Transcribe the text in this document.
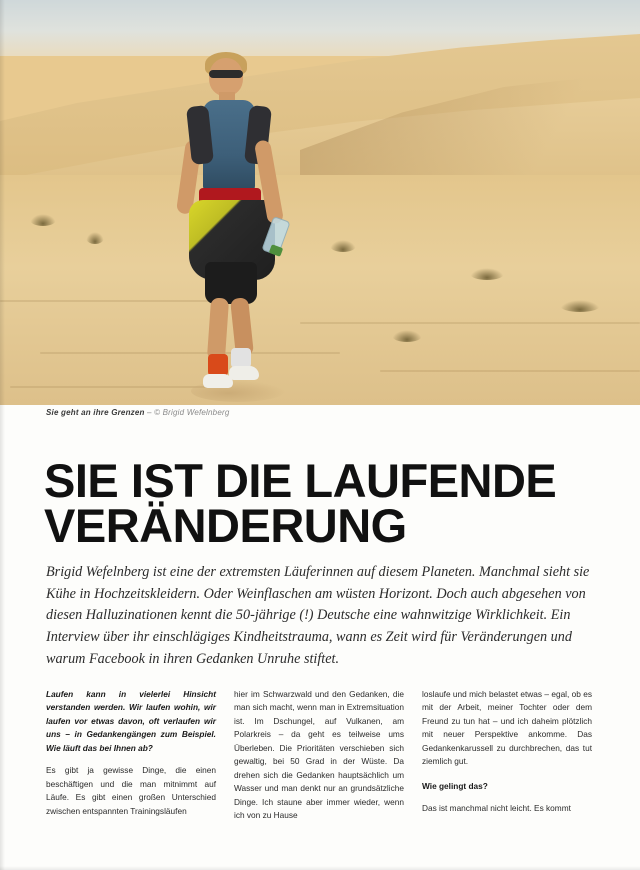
Sie geht an ihre Grenzen – © Brigid Wefelnberg
SIE IST DIE LAUFENDE
VERÄNDERUNG

Brigid Wefelnberg ist eine der extremsten Läuferinnen auf diesem Planeten. Manchmal sieht sie Kühe in Hochzeitskleidern. Oder Weinflaschen am wüsten Horizont. Doch auch abgesehen von diesen Halluzinationen kennt die 50-jährige (!) Deutsche eine wahnwitzige Wirklichkeit. Ein Interview über ihr einschlägiges Kindheitstrauma, wann es Zeit wird für Veränderungen und warum Facebook in ihren Gedanken Unruhe stiftet.

Laufen kann in vielerlei Hinsicht verstanden werden. Wir laufen wohin, wir laufen vor etwas davon, oft verlaufen wir uns – in Gedankengängen zum Beispiel. Wie läuft das bei Ihnen ab?
Es gibt ja gewisse Dinge, die einen beschäftigen und die man mitnimmt auf Läufe. Es gibt einen großen Unterschied zwischen entspannten Trainingsläufen
hier im Schwarzwald und den Gedanken, die man sich macht, wenn man in Extremsituation ist. Im Dschungel, auf Vulkanen, am Polarkreis – da geht es teilweise ums Überleben. Die Prioritäten verschieben sich gewaltig, bei 50 Grad in der Wüste. Da drehen sich die Gedanken hauptsächlich um Wasser und man denkt nur an grundsätzliche Dinge. Ich staune aber immer wieder, wenn ich von zu Hause
loslaufe und mich belastet etwas – egal, ob es mit der Arbeit, meiner Tochter oder dem Freund zu tun hat – und ich daheim plötzlich mit neuer Perspektive ankomme. Das Gedankenkarussell zu durchbrechen, das tut ziemlich gut.
Wie gelingt das?
Das ist manchmal nicht leicht. Es kommt
